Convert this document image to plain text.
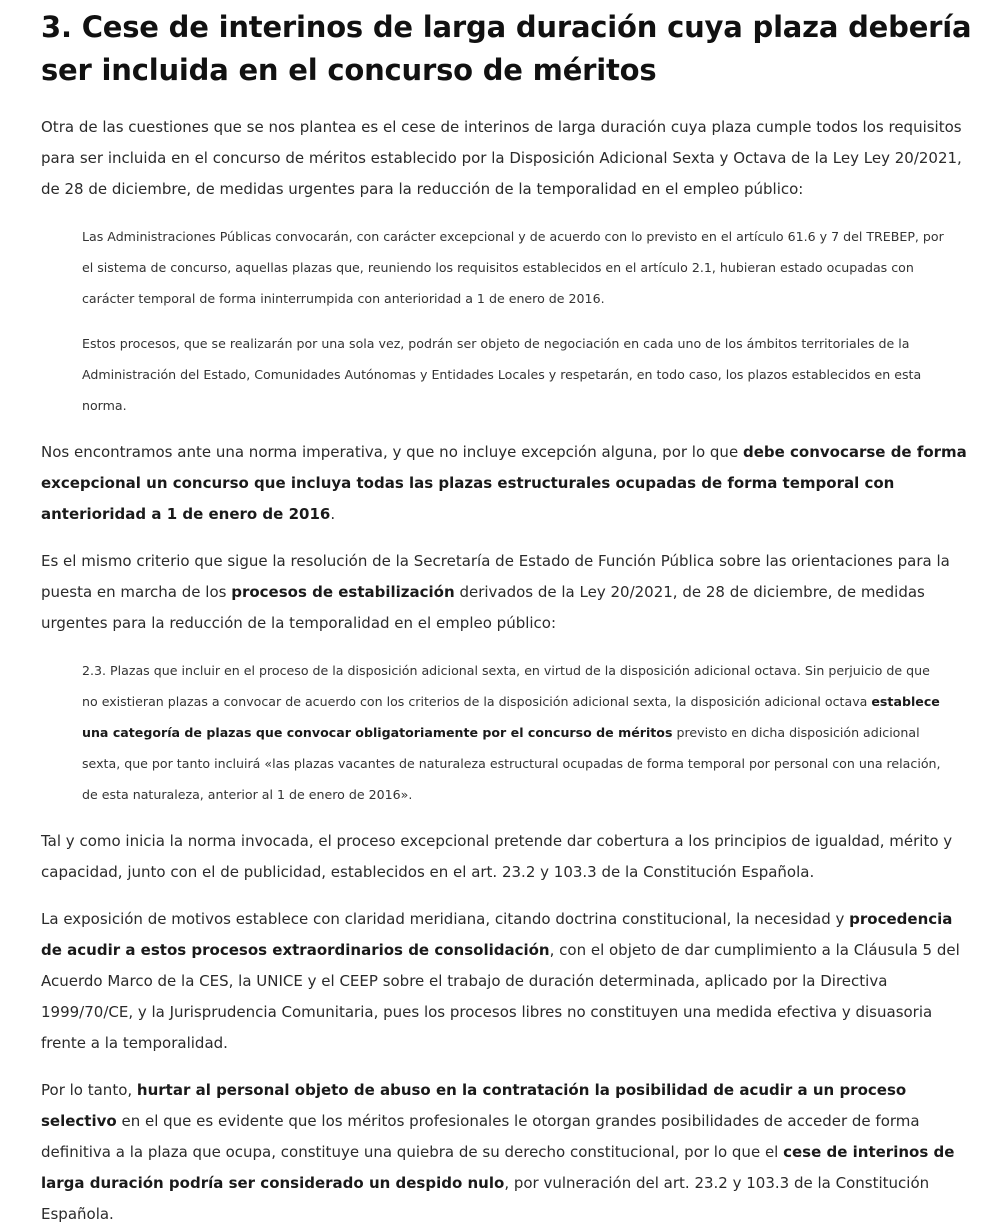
3. Cese de interinos de larga duración cuya plaza debería ser incluida en el concurso de méritos

Otra de las cuestiones que se nos plantea es el cese de interinos de larga duración cuya plaza cumple todos los requisitos para ser incluida en el concurso de méritos establecido por la Disposición Adicional Sexta y Octava de la Ley Ley 20/2021, de 28 de diciembre, de medidas urgentes para la reducción de la temporalidad en el empleo público:

Las Administraciones Públicas convocarán, con carácter excepcional y de acuerdo con lo previsto en el artículo 61.6 y 7 del TREBEP, por el sistema de concurso, aquellas plazas que, reuniendo los requisitos establecidos en el artículo 2.1, hubieran estado ocupadas con carácter temporal de forma ininterrumpida con anterioridad a 1 de enero de 2016.

Estos procesos, que se realizarán por una sola vez, podrán ser objeto de negociación en cada uno de los ámbitos territoriales de la Administración del Estado, Comunidades Autónomas y Entidades Locales y respetarán, en todo caso, los plazos establecidos en esta norma.

Nos encontramos ante una norma imperativa, y que no incluye excepción alguna, por lo que debe convocarse de forma excepcional un concurso que incluya todas las plazas estructurales ocupadas de forma temporal con anterioridad a 1 de enero de 2016.

Es el mismo criterio que sigue la resolución de la Secretaría de Estado de Función Pública sobre las orientaciones para la puesta en marcha de los procesos de estabilización derivados de la Ley 20/2021, de 28 de diciembre, de medidas urgentes para la reducción de la temporalidad en el empleo público:

2.3. Plazas que incluir en el proceso de la disposición adicional sexta, en virtud de la disposición adicional octava. Sin perjuicio de que no existieran plazas a convocar de acuerdo con los criterios de la disposición adicional sexta, la disposición adicional octava establece una categoría de plazas que convocar obligatoriamente por el concurso de méritos previsto en dicha disposición adicional sexta, que por tanto incluirá «las plazas vacantes de naturaleza estructural ocupadas de forma temporal por personal con una relación, de esta naturaleza, anterior al 1 de enero de 2016».

Tal y como inicia la norma invocada, el proceso excepcional pretende dar cobertura a los principios de igualdad, mérito y capacidad, junto con el de publicidad, establecidos en el art. 23.2 y 103.3 de la Constitución Española.

La exposición de motivos establece con claridad meridiana, citando doctrina constitucional, la necesidad y procedencia de acudir a estos procesos extraordinarios de consolidación, con el objeto de dar cumplimiento a la Cláusula 5 del Acuerdo Marco de la CES, la UNICE y el CEEP sobre el trabajo de duración determinada, aplicado por la Directiva 1999/70/CE, y la Jurisprudencia Comunitaria, pues los procesos libres no constituyen una medida efectiva y disuasoria frente a la temporalidad.

Por lo tanto, hurtar al personal objeto de abuso en la contratación la posibilidad de acudir a un proceso selectivo en el que es evidente que los méritos profesionales le otorgan grandes posibilidades de acceder de forma definitiva a la plaza que ocupa, constituye una quiebra de su derecho constitucional, por lo que el cese de interinos de larga duración podría ser considerado un despido nulo, por vulneración del art. 23.2 y 103.3 de la Constitución Española.
